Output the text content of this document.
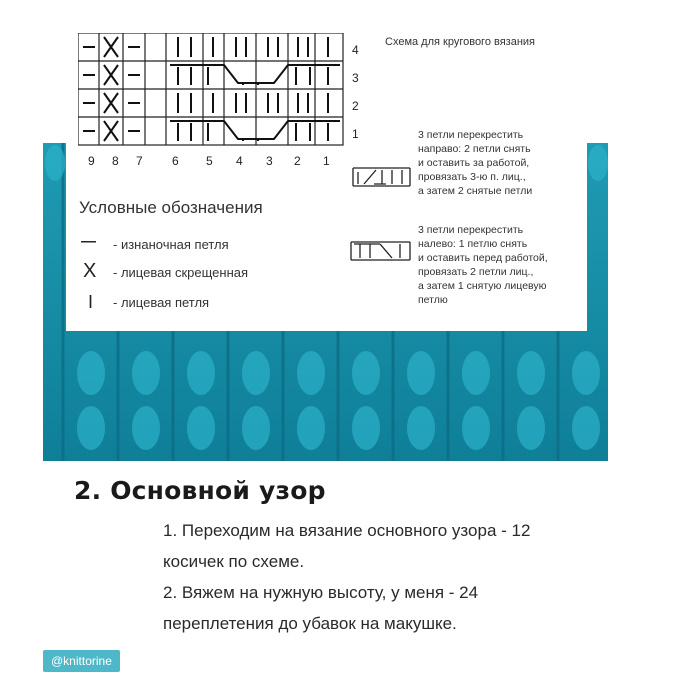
4
3
2
1
9 8 7 6 5 4 3 2 1
Схема для кругового вязания
Условные обозначения
— - изнаночная петля
X - лицевая скрещенная
I - лицевая петля
3 петли перекрестить
направо: 2 петли снять
и оставить за работой,
провязать 3-ю п. лиц.,
а затем 2 снятые петли
3 петли перекрестить
налево: 1 петлю снять
и оставить перед работой,
провязать 2 петли лиц.,
а затем 1 снятую лицевую
петлю
2. Основной узор
1. Переходим на вязание основного узора - 12
косичек по схеме.
2. Вяжем на нужную высоту, у меня - 24
переплетения до убавок на макушке.
@knittorine
